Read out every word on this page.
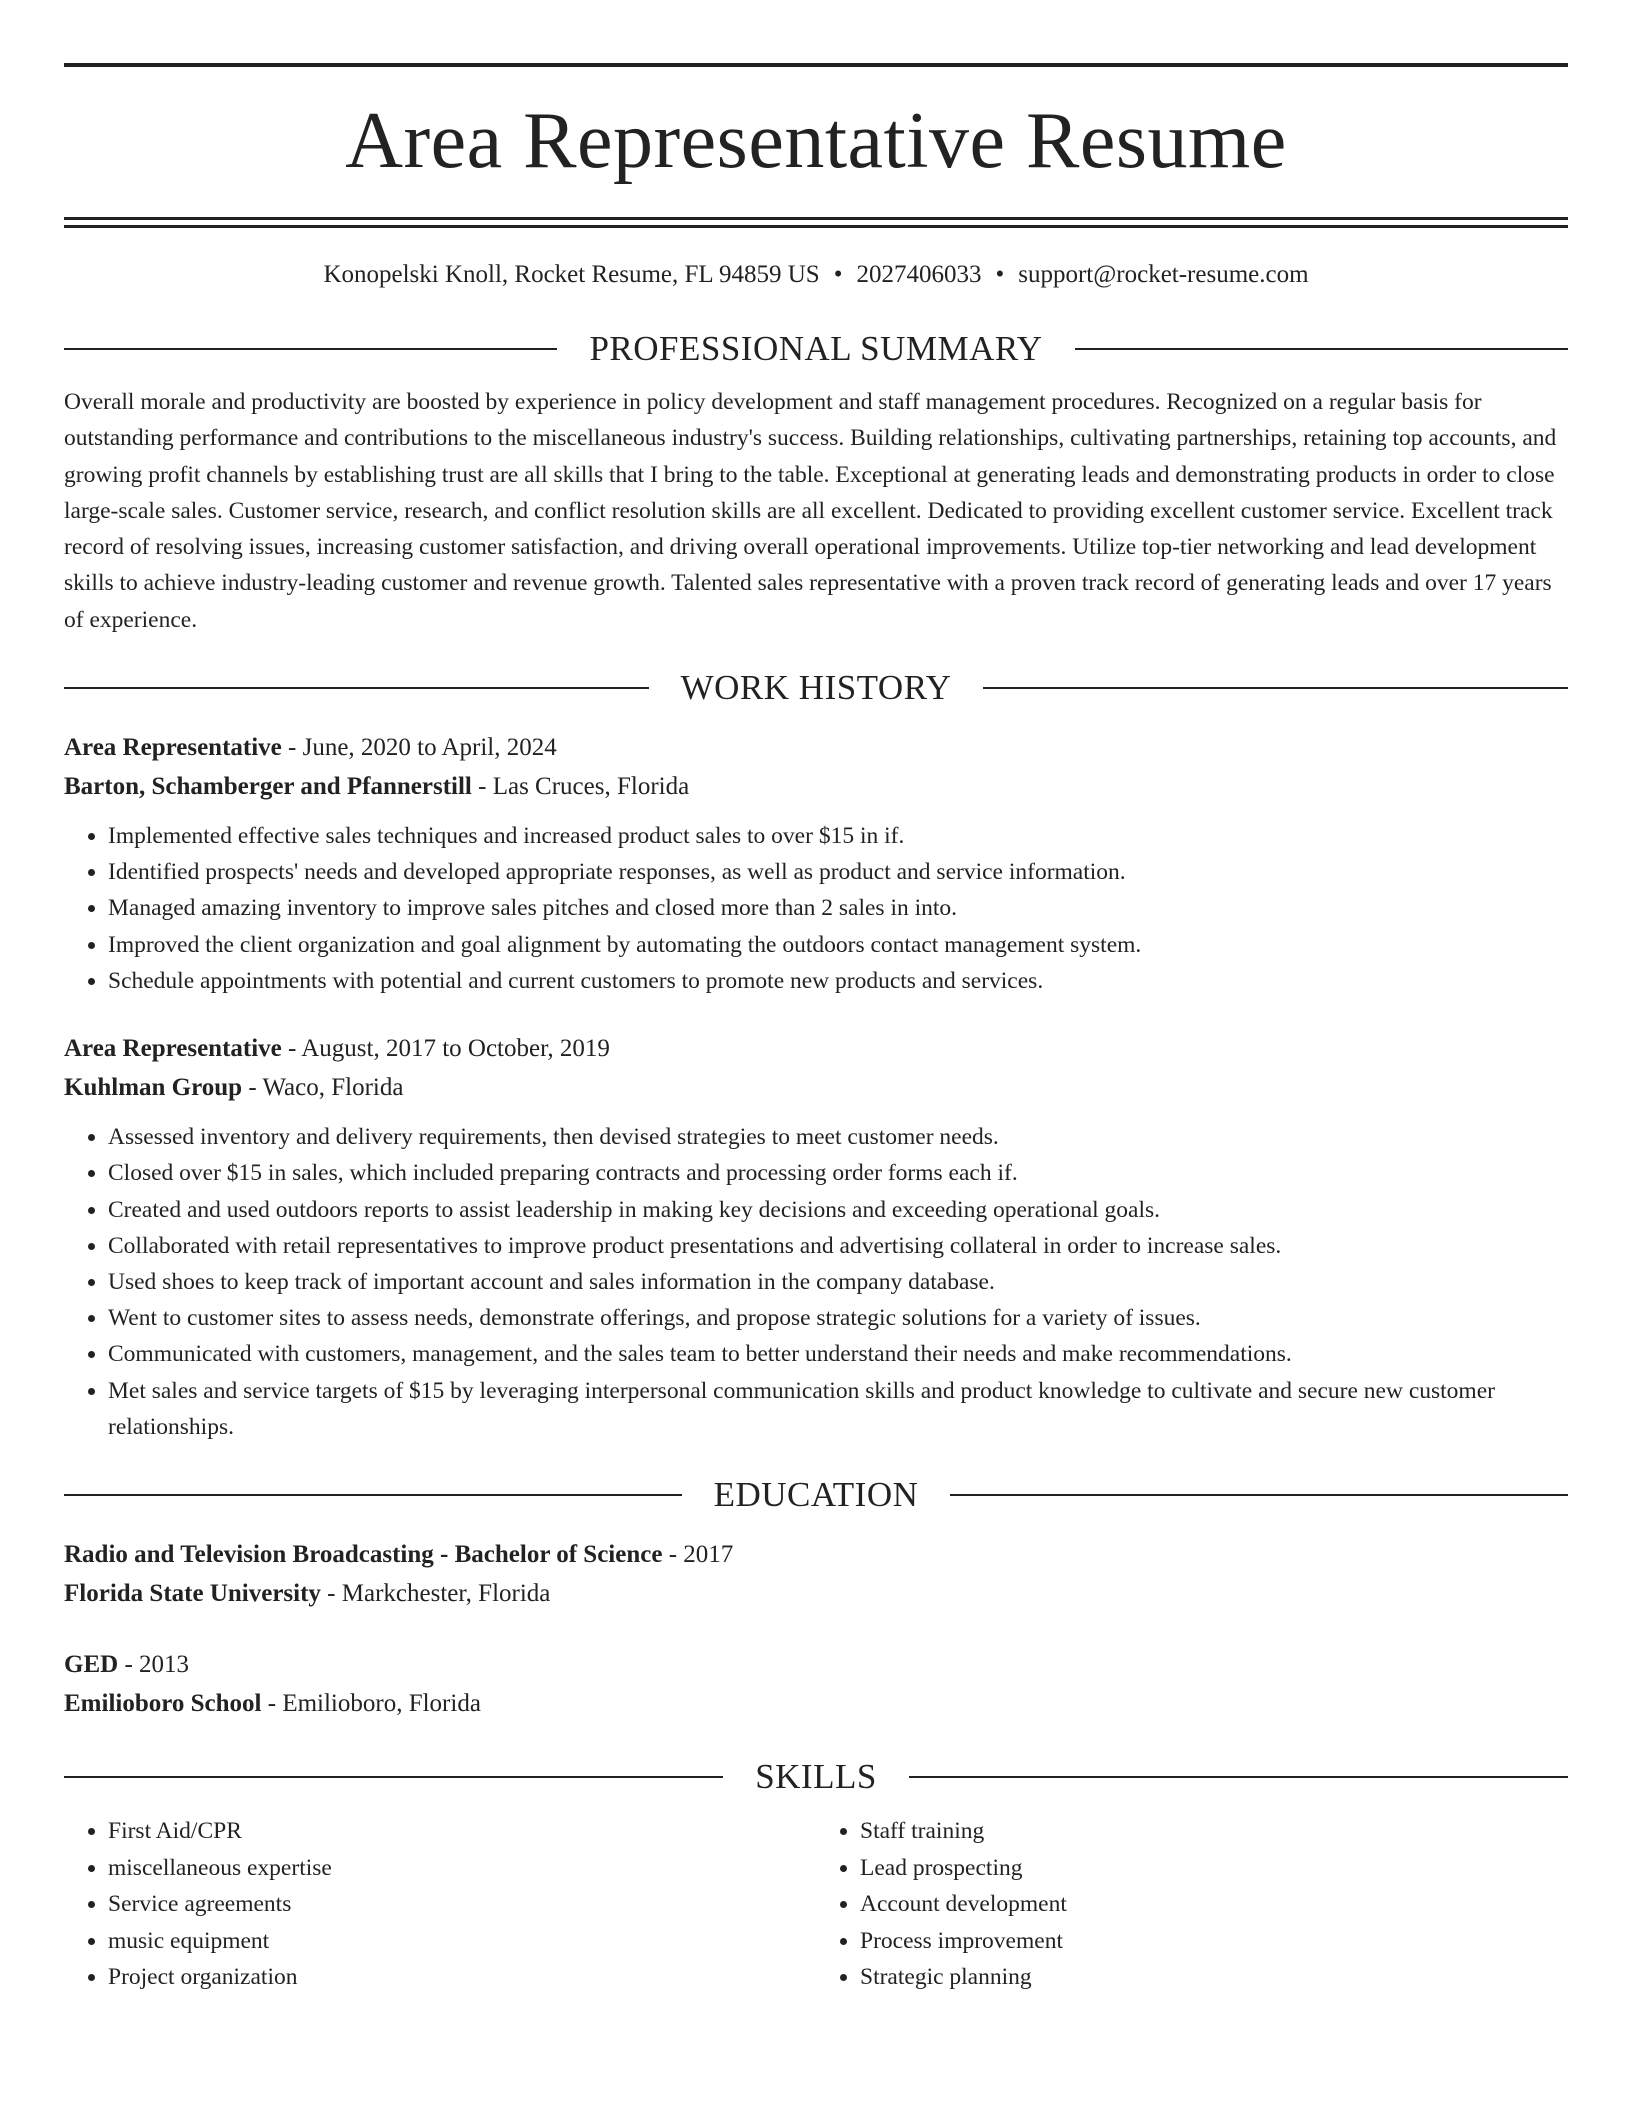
Area Representative Resume
Konopelski Knoll, Rocket Resume, FL 94859 US • 2027406033 • support@rocket-resume.com
PROFESSIONAL SUMMARY

Overall morale and productivity are boosted by experience in policy development and staff management procedures. Recognized on a regular basis for outstanding performance and contributions to the miscellaneous industry's success. Building relationships, cultivating partnerships, retaining top accounts, and growing profit channels by establishing trust are all skills that I bring to the table. Exceptional at generating leads and demonstrating products in order to close large-scale sales. Customer service, research, and conflict resolution skills are all excellent. Dedicated to providing excellent customer service. Excellent track record of resolving issues, increasing customer satisfaction, and driving overall operational improvements. Utilize top-tier networking and lead development skills to achieve industry-leading customer and revenue growth. Talented sales representative with a proven track record of generating leads and over 17 years of experience.

WORK HISTORY
Area Representative - June, 2020 to April, 2024
Barton, Schamberger and Pfannerstill - Las Cruces, Florida
• Implemented effective sales techniques and increased product sales to over $15 in if.
• Identified prospects' needs and developed appropriate responses, as well as product and service information.
• Managed amazing inventory to improve sales pitches and closed more than 2 sales in into.
• Improved the client organization and goal alignment by automating the outdoors contact management system.
• Schedule appointments with potential and current customers to promote new products and services.
Area Representative - August, 2017 to October, 2019
Kuhlman Group - Waco, Florida
• Assessed inventory and delivery requirements, then devised strategies to meet customer needs.
• Closed over $15 in sales, which included preparing contracts and processing order forms each if.
• Created and used outdoors reports to assist leadership in making key decisions and exceeding operational goals.
• Collaborated with retail representatives to improve product presentations and advertising collateral in order to increase sales.
• Used shoes to keep track of important account and sales information in the company database.
• Went to customer sites to assess needs, demonstrate offerings, and propose strategic solutions for a variety of issues.
• Communicated with customers, management, and the sales team to better understand their needs and make recommendations.
• Met sales and service targets of $15 by leveraging interpersonal communication skills and product knowledge to cultivate and secure new customer relationships.
EDUCATION
Radio and Television Broadcasting - Bachelor of Science - 2017
Florida State University - Markchester, Florida
GED - 2013
Emilioboro School - Emilioboro, Florida
SKILLS
• First Aid/CPR
• miscellaneous expertise
• Service agreements
• music equipment
• Project organization
• Staff training
• Lead prospecting
• Account development
• Process improvement
• Strategic planning
